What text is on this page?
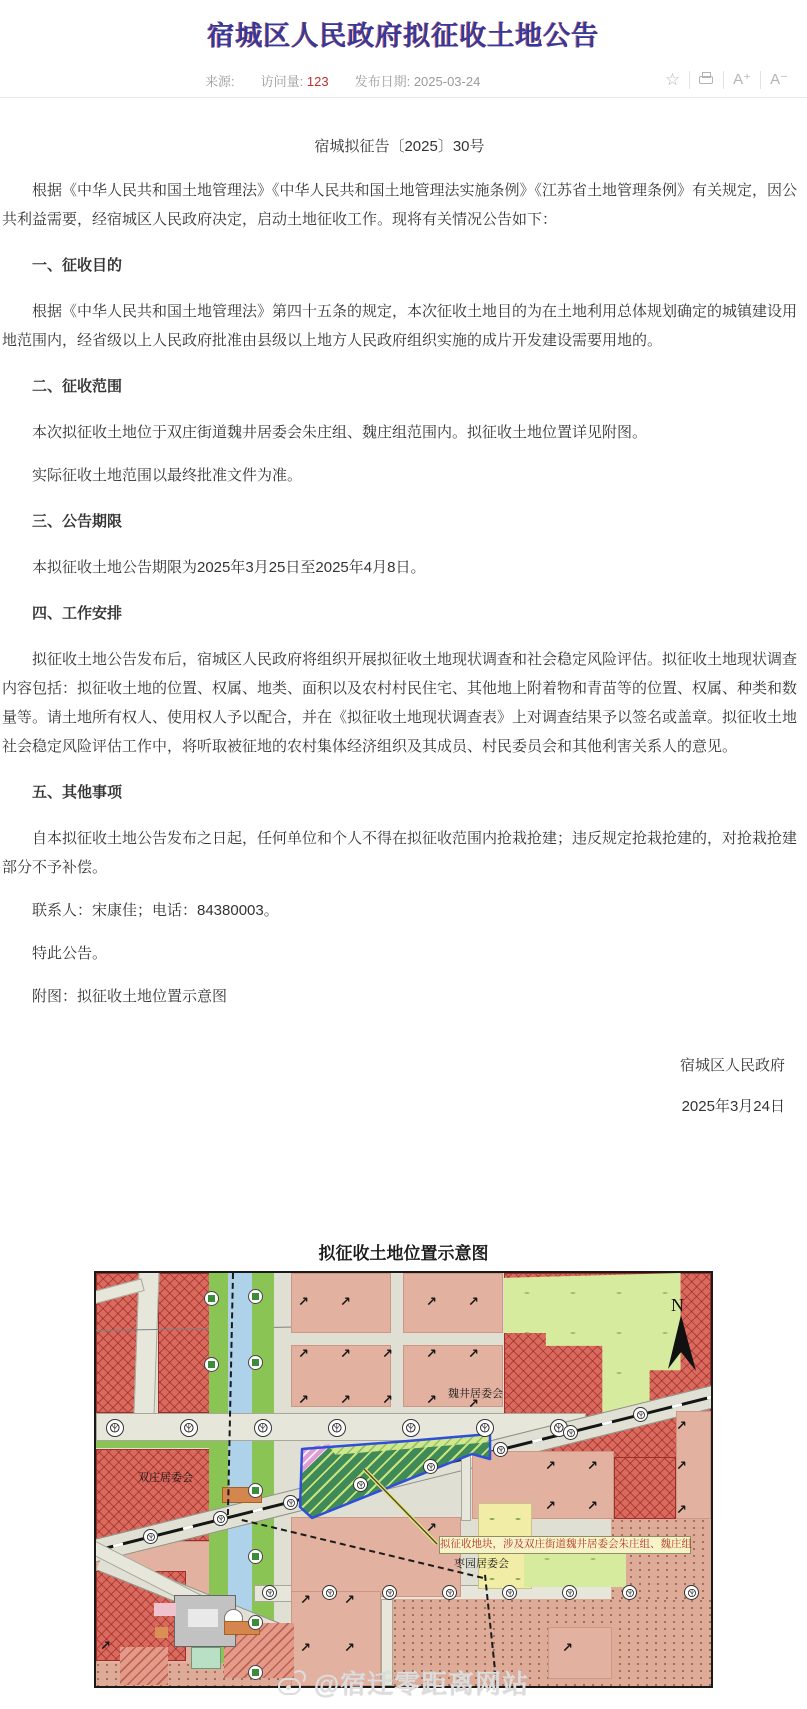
宿城区人民政府拟征收土地公告
来源: 访问量: 123 发布日期: 2025-03-24	☆	A⁺	A⁻
宿城拟征告〔2025〕30号

根据《中华人民共和国土地管理法》《中华人民共和国土地管理法实施条例》《江苏省土地管理条例》有关规定，因公共利益需要，经宿城区人民政府决定，启动土地征收工作。现将有关情况公告如下：

一、征收目的

根据《中华人民共和国土地管理法》第四十五条的规定，本次征收土地目的为在土地利用总体规划确定的城镇建设用地范围内，经省级以上人民政府批准由县级以上地方人民政府组织实施的成片开发建设需要用地的。

二、征收范围

本次拟征收土地位于双庄街道魏井居委会朱庄组、魏庄组范围内。拟征收土地位置详见附图。

实际征收土地范围以最终批准文件为准。

三、公告期限

本拟征收土地公告期限为2025年3月25日至2025年4月8日。

四、工作安排

拟征收土地公告发布后，宿城区人民政府将组织开展拟征收土地现状调查和社会稳定风险评估。拟征收土地现状调查内容包括：拟征收土地的位置、权属、地类、面积以及农村村民住宅、其他地上附着物和青苗等的位置、权属、种类和数量等。请土地所有权人、使用权人予以配合，并在《拟征收土地现状调查表》上对调查结果予以签名或盖章。拟征收土地社会稳定风险评估工作中，将听取被征地的农村集体经济组织及其成员、村民委员会和其他利害关系人的意见。

五、其他事项

自本拟征收土地公告发布之日起，任何单位和个人不得在拟征收范围内抢栽抢建；违反规定抢栽抢建的，对抢栽抢建部分不予补偿。

联系人：宋康佳；电话：84380003。

特此公告。

附图：拟征收土地位置示意图

宿城区人民政府
2025年3月24日
拟征收土地位置示意图
拟征收地块，涉及双庄街道魏井居委会朱庄组、魏庄组
N
魏井居委会
双庄居委会
枣园居委会
☮
☮
☮
☮
☮
☮
☮
☮
☮
☮
☮
☮
☮
☮
☮
☮
☮
☮
☮
☮
☮
☮
☮
↗
↗
↗
↗
↗
↗
↗
↗
↗
↗
↗
↗
↗
↗
↗
↗
↗
↗
↗
↗
↗
↗
↗
↗
↗
↗
↗
↗
@宿迁零距离网站
